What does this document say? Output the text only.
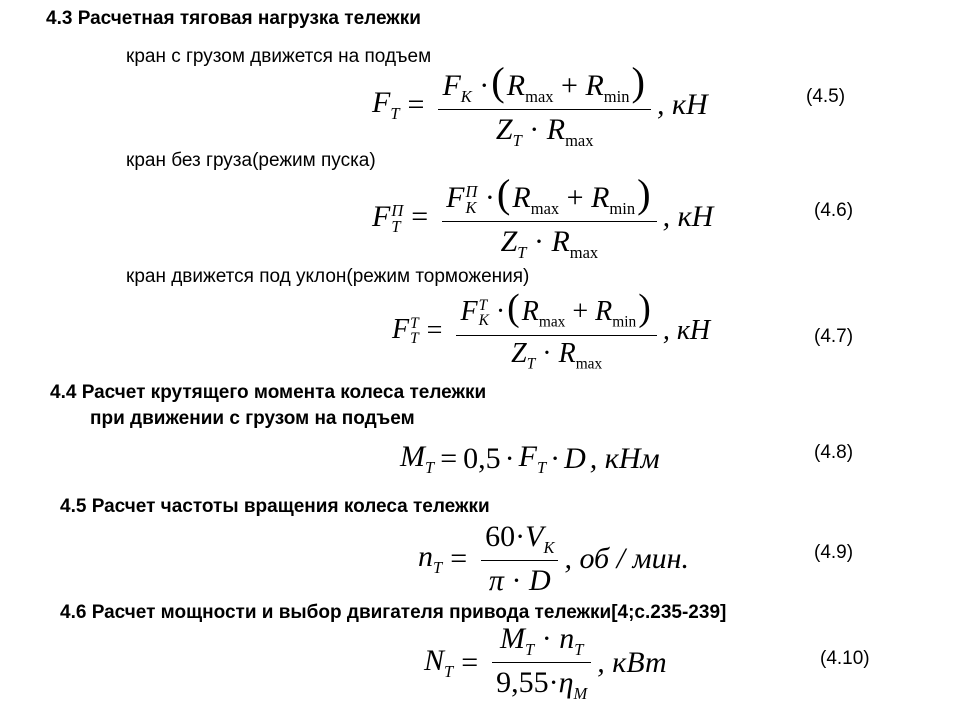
4.3 Расчетная тяговая нагрузка тележки
кран с грузом движется на подъем
$F_T = \frac{F_K \cdot(R_{max} + R_{min})}{Z_T \cdot R_{max}}$ , кН	(4.5)
кран без груза(режим пуска)
F П
T = F П
$K \cdot(R_{max} + R_{min})$
$Z_T \cdot R_{max}$ , кН	(4.6)
кран движется под уклон(режим торможения)
F Т
T = F Т
$K \cdot(R_{max} + R_{min})$
$Z_T \cdot R_{max}$ , кН	(4.7)
4.4 Расчет крутящего момента колеса тележки
при движении с грузом на подъем
$M_T = 0,5 \cdot F_T \cdot D$ , кНм	(4.8)
4.5 Расчет частоты вращения колеса тележки
$n_T = \frac{60\cdot V_K}{\pi \cdot D}$ , об / мин.	(4.9)
4.6 Расчет мощности и выбор двигателя привода тележки[4;с.235-239]
$N_T = \frac{M_T \cdot n_T}{9,55\cdot\eta_M}$ , кВт	(4.10)
